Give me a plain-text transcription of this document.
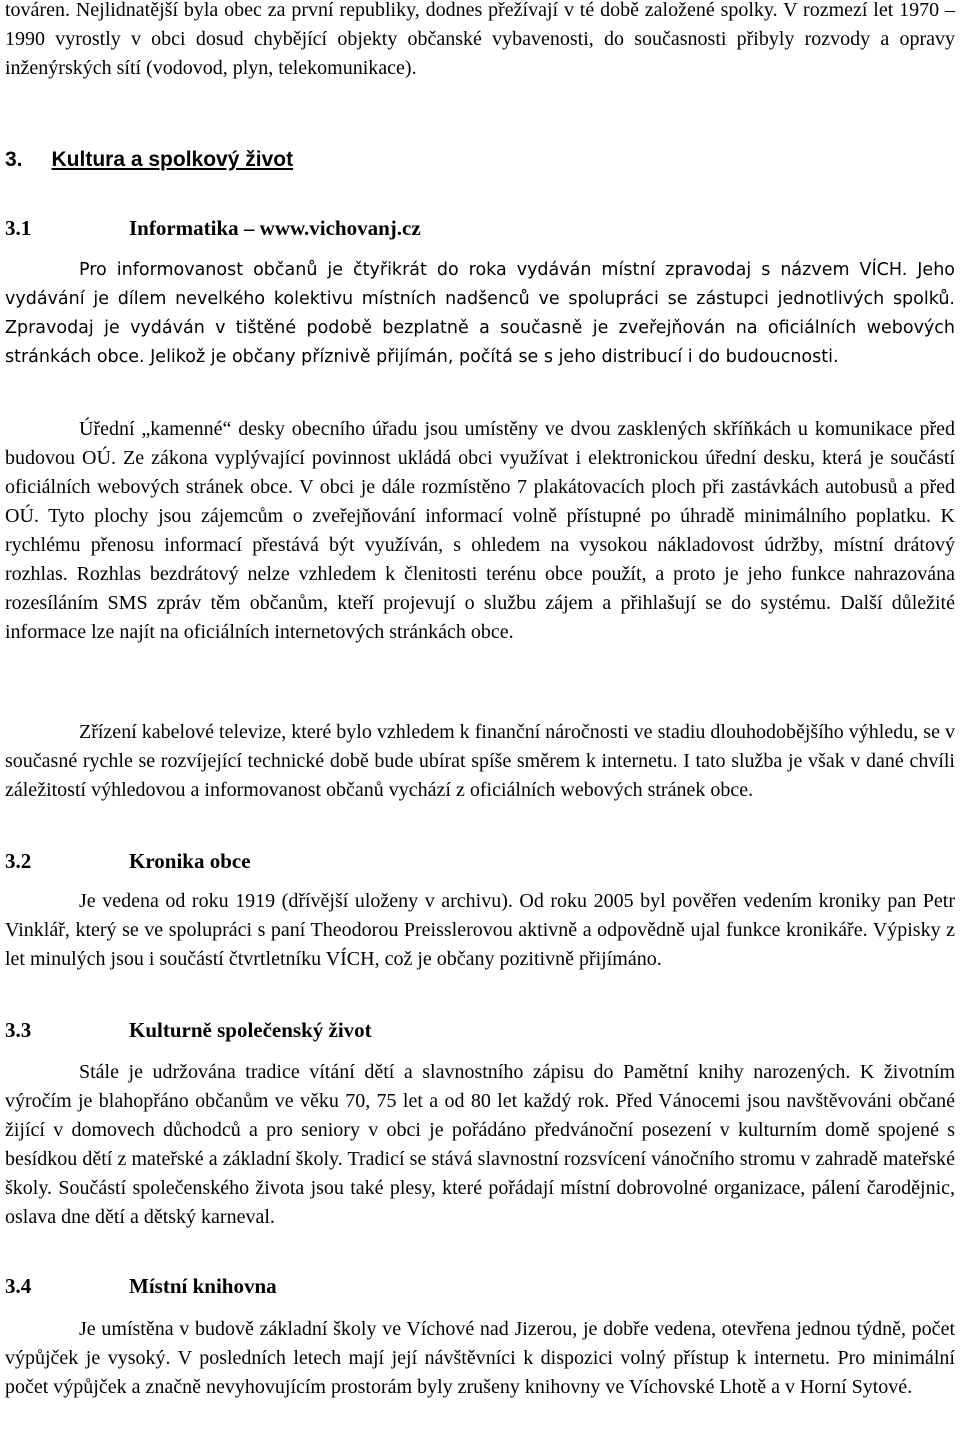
továren. Nejlidnatější byla obec za první republiky, dodnes přežívají v té době založené spolky. V rozmezí let 1970 – 1990 vyrostly v obci dosud chybějící objekty občanské vybavenosti, do současnosti přibyly rozvody a opravy inženýrských sítí (vodovod, plyn, telekomunikace).

3. Kultura a spolkový život
3.1	Informatika – www.vichovanj.cz

Pro informovanost občanů je čtyřikrát do roka vydáván místní zpravodaj s názvem VÍCH. Jeho vydávání je dílem nevelkého kolektivu místních nadšenců ve spolupráci se zástupci jednotlivých spolků. Zpravodaj je vydáván v tištěné podobě bezplatně a současně je zveřejňován na oficiálních webových stránkách obce. Jelikož je občany příznivě přijímán, počítá se s jeho distribucí i do budoucnosti.

Úřední „kamenné“ desky obecního úřadu jsou umístěny ve dvou zasklených skříňkách u komunikace před budovou OÚ. Ze zákona vyplývající povinnost ukládá obci využívat i elektronickou úřední desku, která je součástí oficiálních webových stránek obce. V obci je dále rozmístěno 7 plakátovacích ploch při zastávkách autobusů a před OÚ. Tyto plochy jsou zájemcům o zveřejňování informací volně přístupné po úhradě minimálního poplatku. K rychlému přenosu informací přestává být využíván, s ohledem na vysokou nákladovost údržby, místní drátový rozhlas. Rozhlas bezdrátový nelze vzhledem k členitosti terénu obce použít, a proto je jeho funkce nahrazována rozesíláním SMS zpráv těm občanům, kteří projevují o službu zájem a přihlašují se do systému. Další důležité informace lze najít na oficiálních internetových stránkách obce.

Zřízení kabelové televize, které bylo vzhledem k finanční náročnosti ve stadiu dlouhodobějšího výhledu, se v současné rychle se rozvíjející technické době bude ubírat spíše směrem k internetu. I tato služba je však v dané chvíli záležitostí výhledovou a informovanost občanů vychází z oficiálních webových stránek obce.

3.2	Kronika obce

Je vedena od roku 1919 (dřívější uloženy v archivu). Od roku 2005 byl pověřen vedením kroniky pan Petr Vinklář, který se ve spolupráci s paní Theodorou Preisslerovou aktivně a odpovědně ujal funkce kronikáře. Výpisky z let minulých jsou i součástí čtvrtletníku VÍCH, což je občany pozitivně přijímáno.

3.3	Kulturně společenský život

Stále je udržována tradice vítání dětí a slavnostního zápisu do Pamětní knihy narozených. K životním výročím je blahopřáno občanům ve věku 70, 75 let a od 80 let každý rok. Před Vánocemi jsou navštěvováni občané žijící v domovech důchodců a pro seniory v obci je pořádáno předvánoční posezení v kulturním domě spojené s besídkou dětí z mateřské a základní školy. Tradicí se stává slavnostní rozsvícení vánočního stromu v zahradě mateřské školy. Součástí společenského života jsou také plesy, které pořádají místní dobrovolné organizace, pálení čarodějnic, oslava dne dětí a dětský karneval.

3.4	Místní knihovna

Je umístěna v budově základní školy ve Víchové nad Jizerou, je dobře vedena, otevřena jednou týdně, počet výpůjček je vysoký. V posledních letech mají její návštěvníci k dispozici volný přístup k internetu. Pro minimální počet výpůjček a značně nevyhovujícím prostorám byly zrušeny knihovny ve Víchovské Lhotě a v Horní Sytové.
